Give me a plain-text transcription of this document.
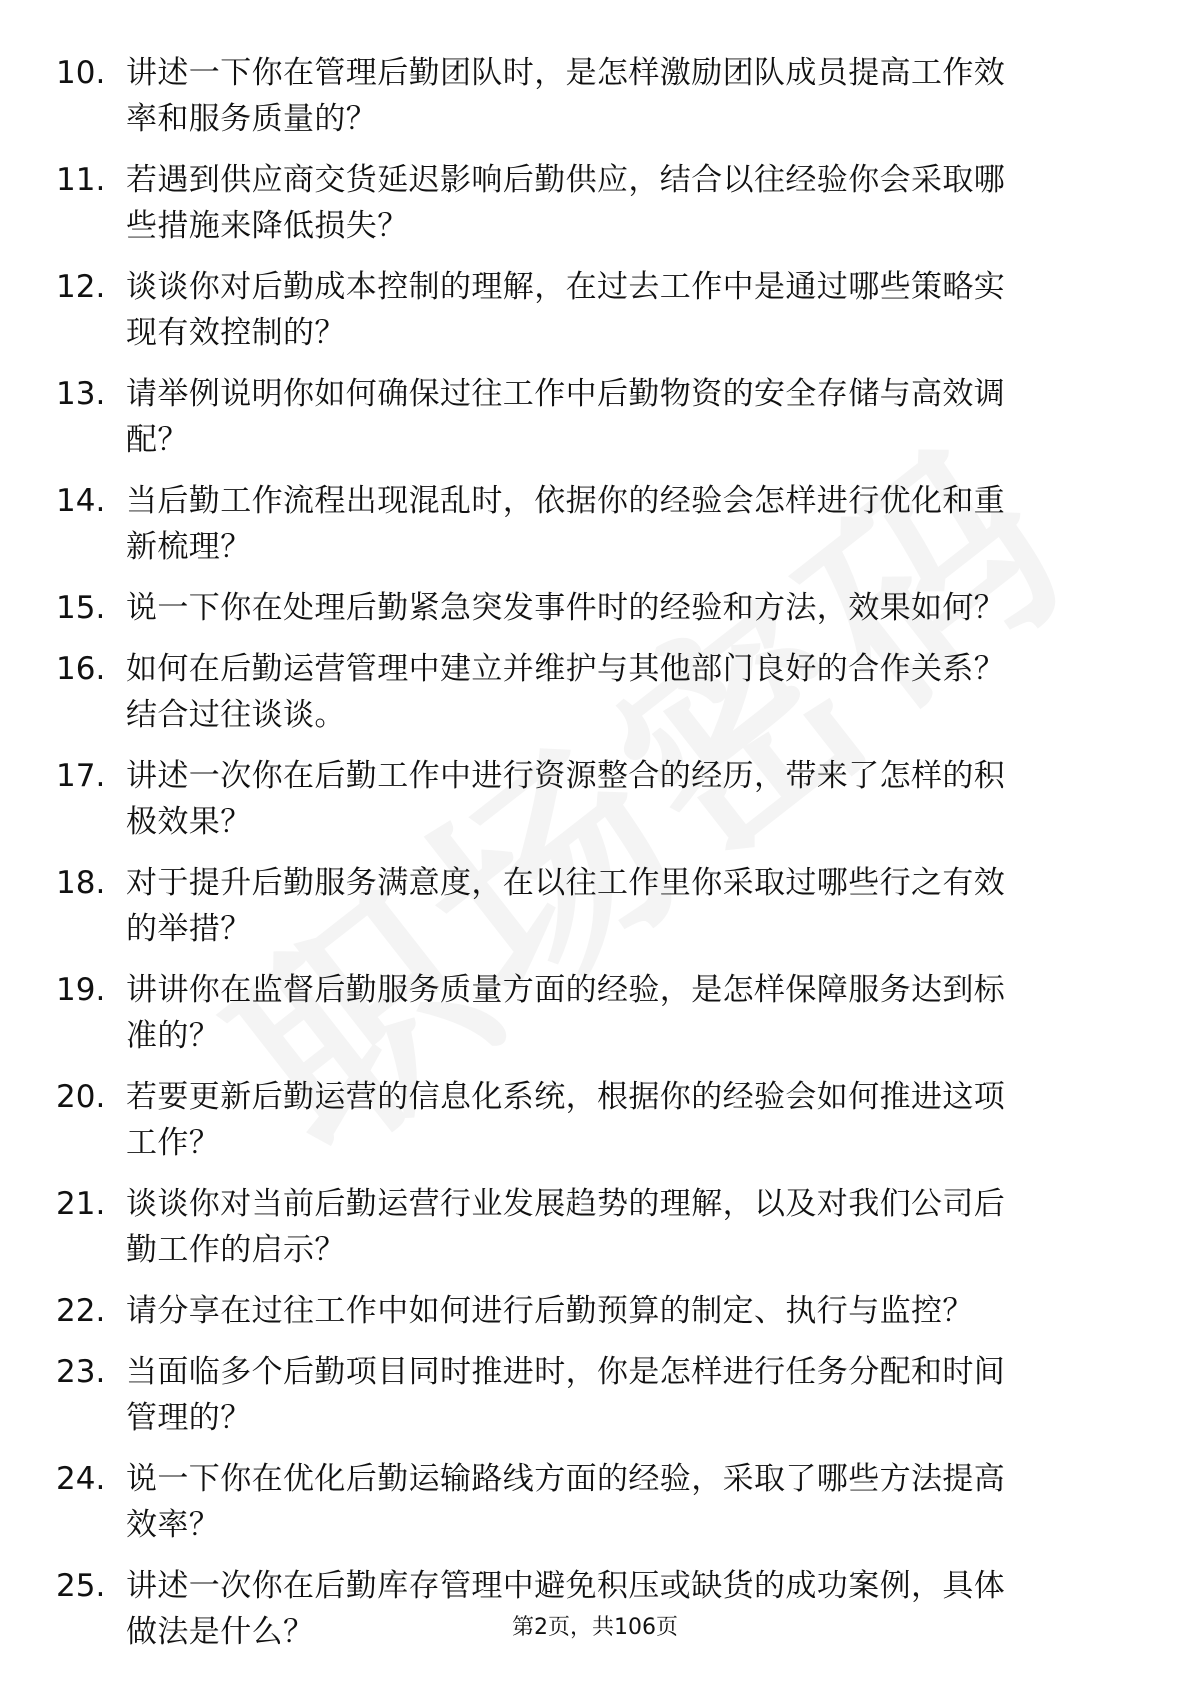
10. 讲述一下你在管理后勤团队时，是怎样激励团队成员提高工作效
率和服务质量的？
11. 若遇到供应商交货延迟影响后勤供应，结合以往经验你会采取哪
些措施来降低损失？
12. 谈谈你对后勤成本控制的理解，在过去工作中是通过哪些策略实
现有效控制的？
13. 请举例说明你如何确保过往工作中后勤物资的安全存储与高效调
配？
14. 当后勤工作流程出现混乱时，依据你的经验会怎样进行优化和重
新梳理？
15. 说一下你在处理后勤紧急突发事件时的经验和方法，效果如何？
16. 如何在后勤运营管理中建立并维护与其他部门良好的合作关系？
结合过往谈谈。
17. 讲述一次你在后勤工作中进行资源整合的经历，带来了怎样的积
极效果？
18. 对于提升后勤服务满意度，在以往工作里你采取过哪些行之有效
的举措？
19. 讲讲你在监督后勤服务质量方面的经验，是怎样保障服务达到标
准的？
20. 若要更新后勤运营的信息化系统，根据你的经验会如何推进这项
工作？
21. 谈谈你对当前后勤运营行业发展趋势的理解，以及对我们公司后
勤工作的启示？
22. 请分享在过往工作中如何进行后勤预算的制定、执行与监控？
23. 当面临多个后勤项目同时推进时，你是怎样进行任务分配和时间
管理的？
24. 说一下你在优化后勤运输路线方面的经验，采取了哪些方法提高
效率？
25. 讲述一次你在后勤库存管理中避免积压或缺货的成功案例，具体
做法是什么？	第2页，共106页
